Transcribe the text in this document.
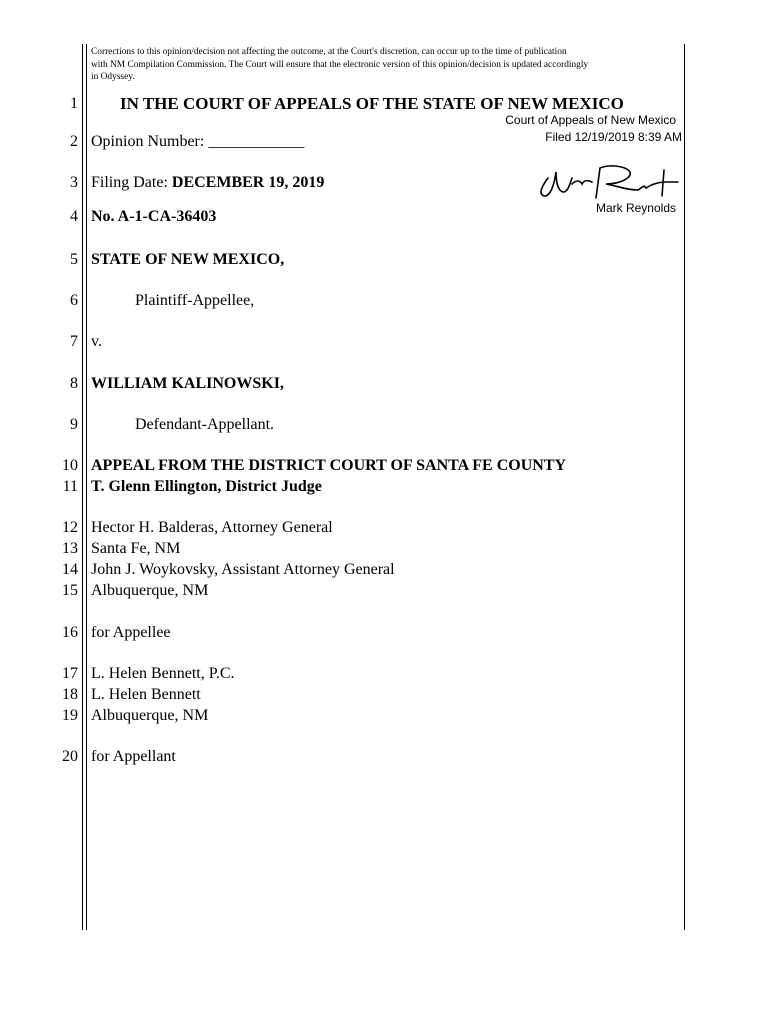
Corrections to this opinion/decision not affecting the outcome, at the Court's discretion, can occur up to the time of publication
with NM Compilation Commission. The Court will ensure that the electronic version of this opinion/decision is updated accordingly
in Odyssey.
1 IN THE COURT OF APPEALS OF THE STATE OF NEW MEXICO
Court of Appeals of New Mexico
Filed 12/19/2019 8:39 AM
2 Opinion Number: ____________
Mark Reynolds
3 Filing Date: DECEMBER 19, 2019
4 No. A-1-CA-36403
5 STATE OF NEW MEXICO,
6	Plaintiff-Appellee,
7 v.
8 WILLIAM KALINOWSKI,
9	Defendant-Appellant.
10 APPEAL FROM THE DISTRICT COURT OF SANTA FE COUNTY
11 T. Glenn Ellington, District Judge
12 Hector H. Balderas, Attorney General
13 Santa Fe, NM
14 John J. Woykovsky, Assistant Attorney General
15 Albuquerque, NM
16 for Appellee
17 L. Helen Bennett, P.C.
18 L. Helen Bennett
19 Albuquerque, NM
20 for Appellant
